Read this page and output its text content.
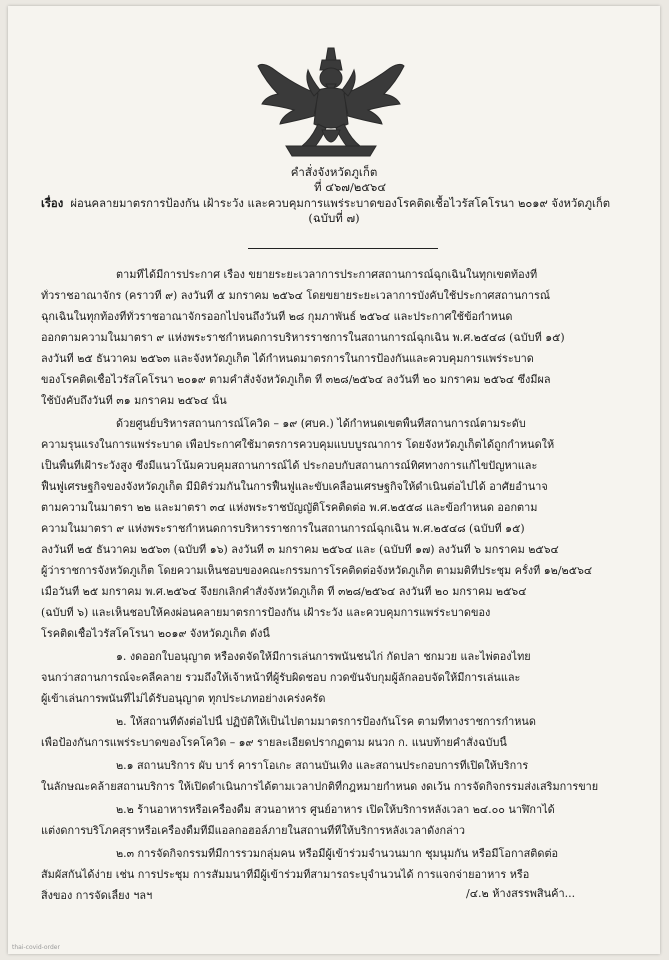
คำสั่งจังหวัดภูเก็ต
ที่ ๔๖๗/๒๕๖๔
เรื่อง ผ่อนคลายมาตรการป้องกัน เฝ้าระวัง และควบคุมการแพร่ระบาดของโรคติดเชื้อไวรัสโคโรนา ๒๐๑๙ จังหวัดภูเก็ต
(ฉบับที่ ๗)
ตามที่ได้มีการประกาศ เรื่อง ขยายระยะเวลาการประกาศสถานการณ์ฉุกเฉินในทุกเขตท้องที่
ทั่วราชอาณาจักร (คราวที่ ๙) ลงวันที่ ๕ มกราคม ๒๕๖๔ โดยขยายระยะเวลาการบังคับใช้ประกาศสถานการณ์
ฉุกเฉินในทุกท้องที่ทั่วราชอาณาจักรออกไปจนถึงวันที่ ๒๘ กุมภาพันธ์ ๒๕๖๔ และประกาศใช้ข้อกำหนด
ออกตามความในมาตรา ๙ แห่งพระราชกำหนดการบริหารราชการในสถานการณ์ฉุกเฉิน พ.ศ.๒๕๔๘ (ฉบับที่ ๑๕)
ลงวันที่ ๒๕ ธันวาคม ๒๕๖๓ และจังหวัดภูเก็ต ได้กำหนดมาตรการในการป้องกันและควบคุมการแพร่ระบาด
ของโรคติดเชื้อไวรัสโคโรนา ๒๐๑๙ ตามคำสั่งจังหวัดภูเก็ต ที่ ๓๒๘/๒๕๖๔ ลงวันที่ ๒๐ มกราคม ๒๕๖๔ ซึ่งมีผล
ใช้บังคับถึงวันที่ ๓๑ มกราคม ๒๕๖๔ นั้น
ด้วยศูนย์บริหารสถานการณ์โควิด – ๑๙ (ศบค.) ได้กำหนดเขตพื้นที่สถานการณ์ตามระดับ
ความรุนแรงในการแพร่ระบาด เพื่อประกาศใช้มาตรการควบคุมแบบบูรณาการ โดยจังหวัดภูเก็ตได้ถูกกำหนดให้
เป็นพื้นที่เฝ้าระวังสูง ซึ่งมีแนวโน้มควบคุมสถานการณ์ได้ ประกอบกับสถานการณ์ทิศทางการแก้ไขปัญหาและ
ฟื้นฟูเศรษฐกิจของจังหวัดภูเก็ต มีมิติร่วมกันในการฟื้นฟูและขับเคลื่อนเศรษฐกิจให้ดำเนินต่อไปได้ อาศัยอำนาจ
ตามความในมาตรา ๒๒ และมาตรา ๓๔ แห่งพระราชบัญญัติโรคติดต่อ พ.ศ.๒๕๕๘ และข้อกำหนด ออกตาม
ความในมาตรา ๙ แห่งพระราชกำหนดการบริหารราชการในสถานการณ์ฉุกเฉิน พ.ศ.๒๕๔๘ (ฉบับที่ ๑๕)
ลงวันที่ ๒๕ ธันวาคม ๒๕๖๓ (ฉบับที่ ๑๖) ลงวันที่ ๓ มกราคม ๒๕๖๔ และ (ฉบับที่ ๑๗) ลงวันที่ ๖ มกราคม ๒๕๖๔
ผู้ว่าราชการจังหวัดภูเก็ต โดยความเห็นชอบของคณะกรรมการโรคติดต่อจังหวัดภูเก็ต ตามมติที่ประชุม ครั้งที่ ๑๒/๒๕๖๔
เมื่อวันที่ ๒๕ มกราคม พ.ศ.๒๕๖๔ จึงยกเลิกคำสั่งจังหวัดภูเก็ต ที่ ๓๒๘/๒๕๖๔ ลงวันที่ ๒๐ มกราคม ๒๕๖๔
(ฉบับที่ ๖) และเห็นชอบให้คงผ่อนคลายมาตรการป้องกัน เฝ้าระวัง และควบคุมการแพร่ระบาดของ
โรคติดเชื้อไวรัสโคโรนา ๒๐๑๙ จังหวัดภูเก็ต ดังนี้
๑. งดออกใบอนุญาต หรืองดจัดให้มีการเล่นการพนันชนไก่ กัดปลา ชกมวย และไพ่ตองไทย
จนกว่าสถานการณ์จะคลี่คลาย รวมถึงให้เจ้าหน้าที่ผู้รับผิดชอบ กวดขันจับกุมผู้ลักลอบจัดให้มีการเล่นและ
ผู้เข้าเล่นการพนันที่ไม่ได้รับอนุญาต ทุกประเภทอย่างเคร่งครัด
๒. ให้สถานที่ดังต่อไปนี้ ปฏิบัติให้เป็นไปตามมาตรการป้องกันโรค ตามที่ทางราชการกำหนด
เพื่อป้องกันการแพร่ระบาดของโรคโควิด – ๑๙ รายละเอียดปรากฏตาม ผนวก ก. แนบท้ายคำสั่งฉบับนี้
๒.๑ สถานบริการ ผับ บาร์ คาราโอเกะ สถานบันเทิง และสถานประกอบการที่เปิดให้บริการ
ในลักษณะคล้ายสถานบริการ ให้เปิดดำเนินการได้ตามเวลาปกติที่กฎหมายกำหนด งดเว้น การจัดกิจกรรมส่งเสริมการขาย
๒.๒ ร้านอาหารหรือเครื่องดื่ม สวนอาหาร ศูนย์อาหาร เปิดให้บริการหลังเวลา ๒๔.๐๐ นาฬิกาได้
แต่งดการบริโภคสุราหรือเครื่องดื่มที่มีแอลกอฮอล์ภายในสถานที่ที่ให้บริการหลังเวลาดังกล่าว
๒.๓ การจัดกิจกรรมที่มีการรวมกลุ่มคน หรือมีผู้เข้าร่วมจำนวนมาก ชุมนุมกัน หรือมีโอกาสติดต่อ
สัมผัสกันได้ง่าย เช่น การประชุม การสัมมนาที่มีผู้เข้าร่วมที่สามารถระบุจำนวนได้ การแจกจ่ายอาหาร หรือ
สิ่งของ การจัดเลี้ยง ฯลฯ	/๔.๒ ห้างสรรพสินค้า...
thai-covid-order
